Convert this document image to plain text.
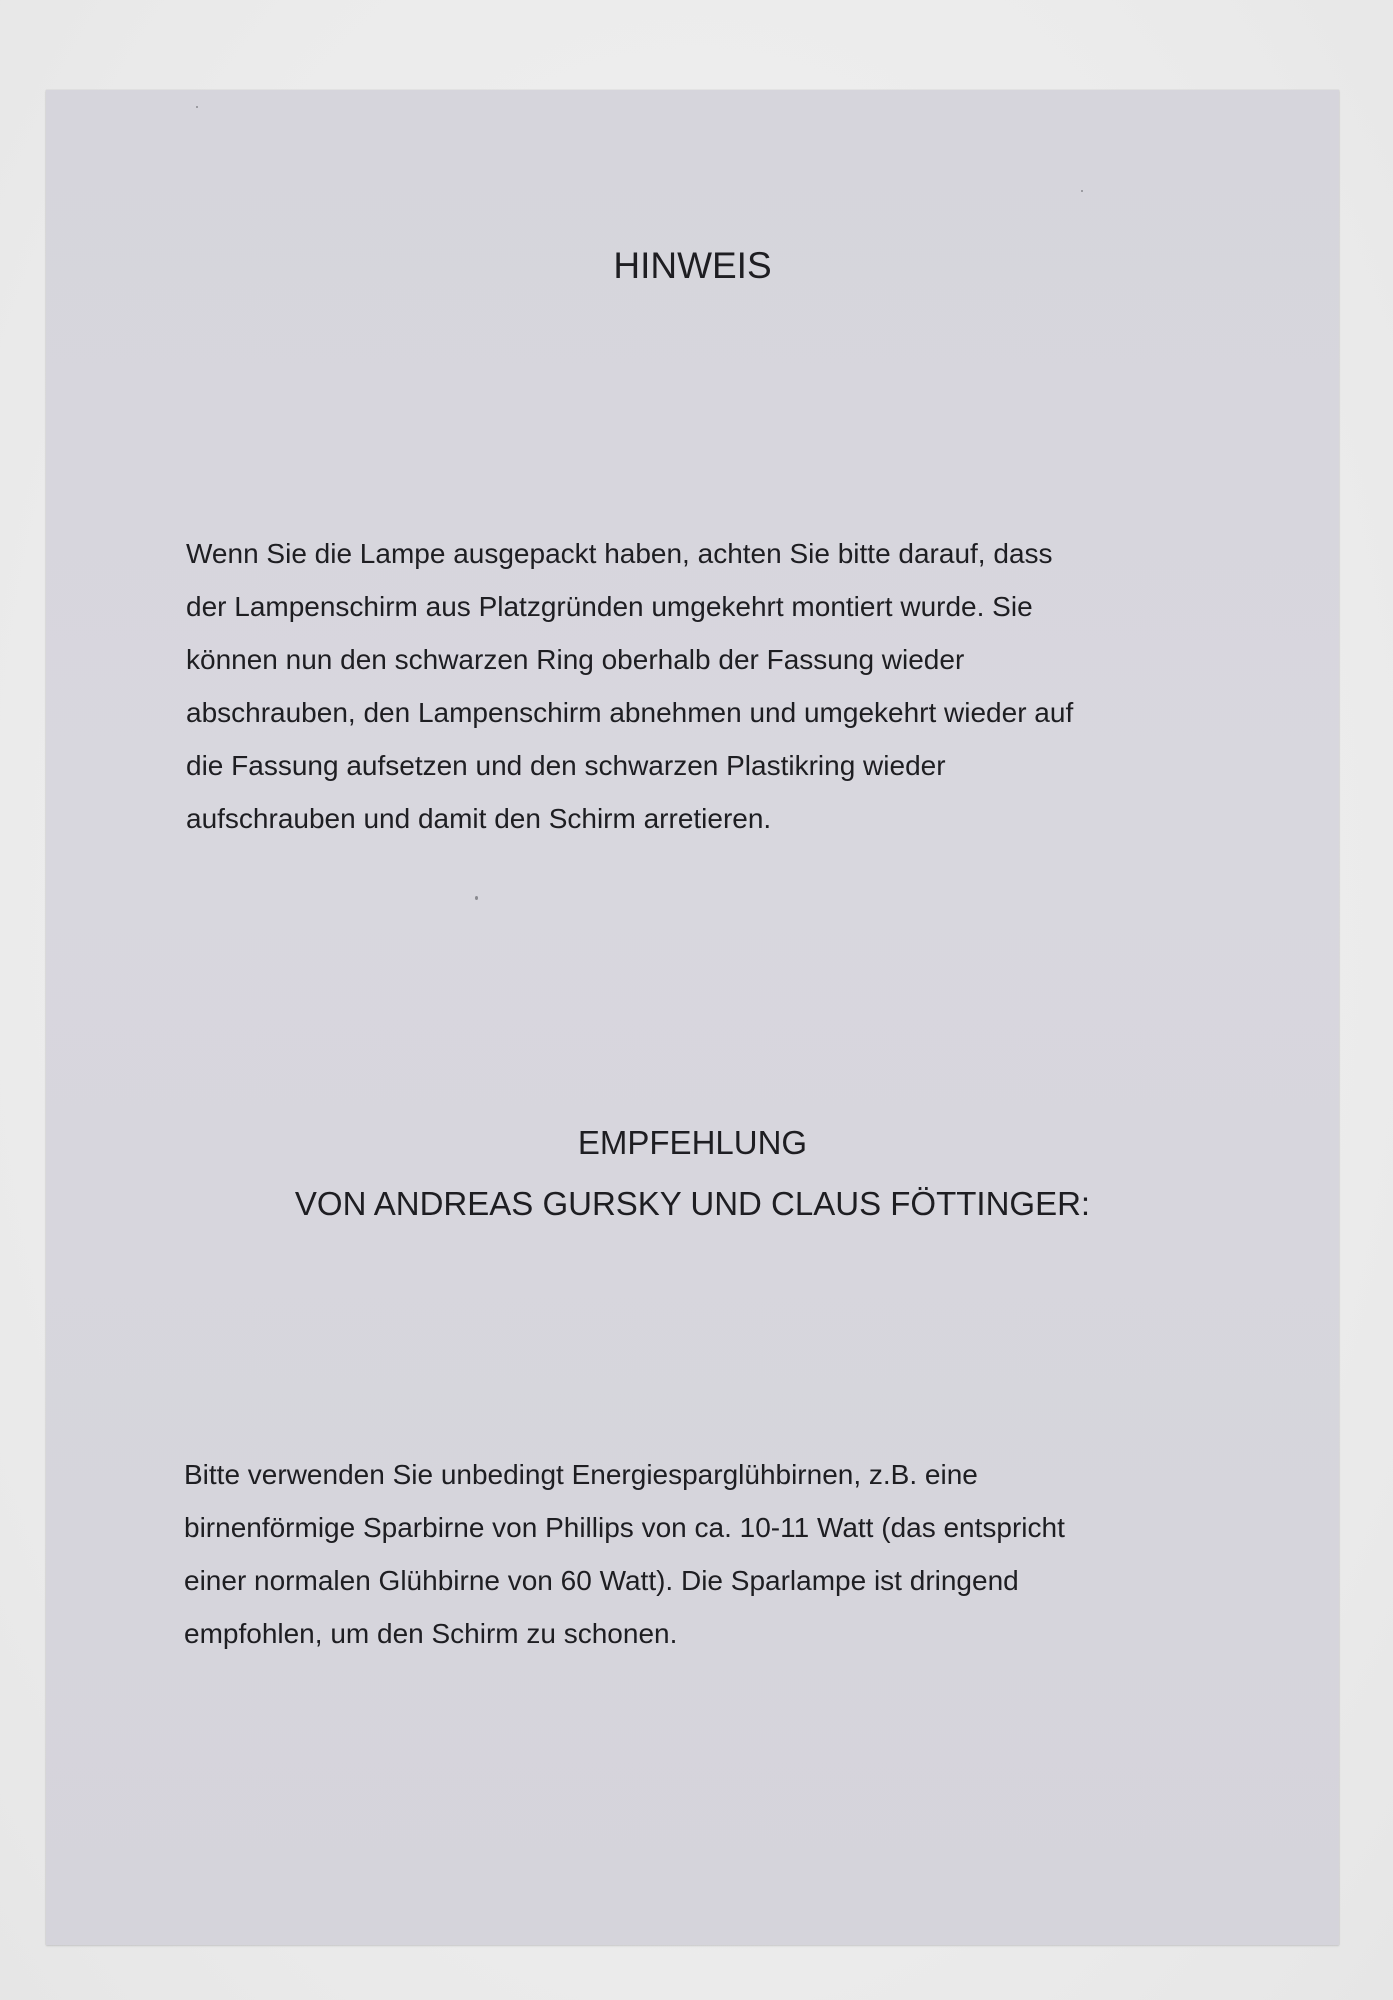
HINWEIS

Wenn Sie die Lampe ausgepackt haben, achten Sie bitte darauf, dass
der Lampenschirm aus Platzgründen umgekehrt montiert wurde. Sie
können nun den schwarzen Ring oberhalb der Fassung wieder
abschrauben, den Lampenschirm abnehmen und umgekehrt wieder auf
die Fassung aufsetzen und den schwarzen Plastikring wieder
aufschrauben und damit den Schirm arretieren.

EMPFEHLUNG
VON ANDREAS GURSKY UND CLAUS FÖTTINGER:

Bitte verwenden Sie unbedingt Energiesparglühbirnen, z.B. eine
birnenförmige Sparbirne von Phillips von ca. 10-11 Watt (das entspricht
einer normalen Glühbirne von 60 Watt). Die Sparlampe ist dringend
empfohlen, um den Schirm zu schonen.
